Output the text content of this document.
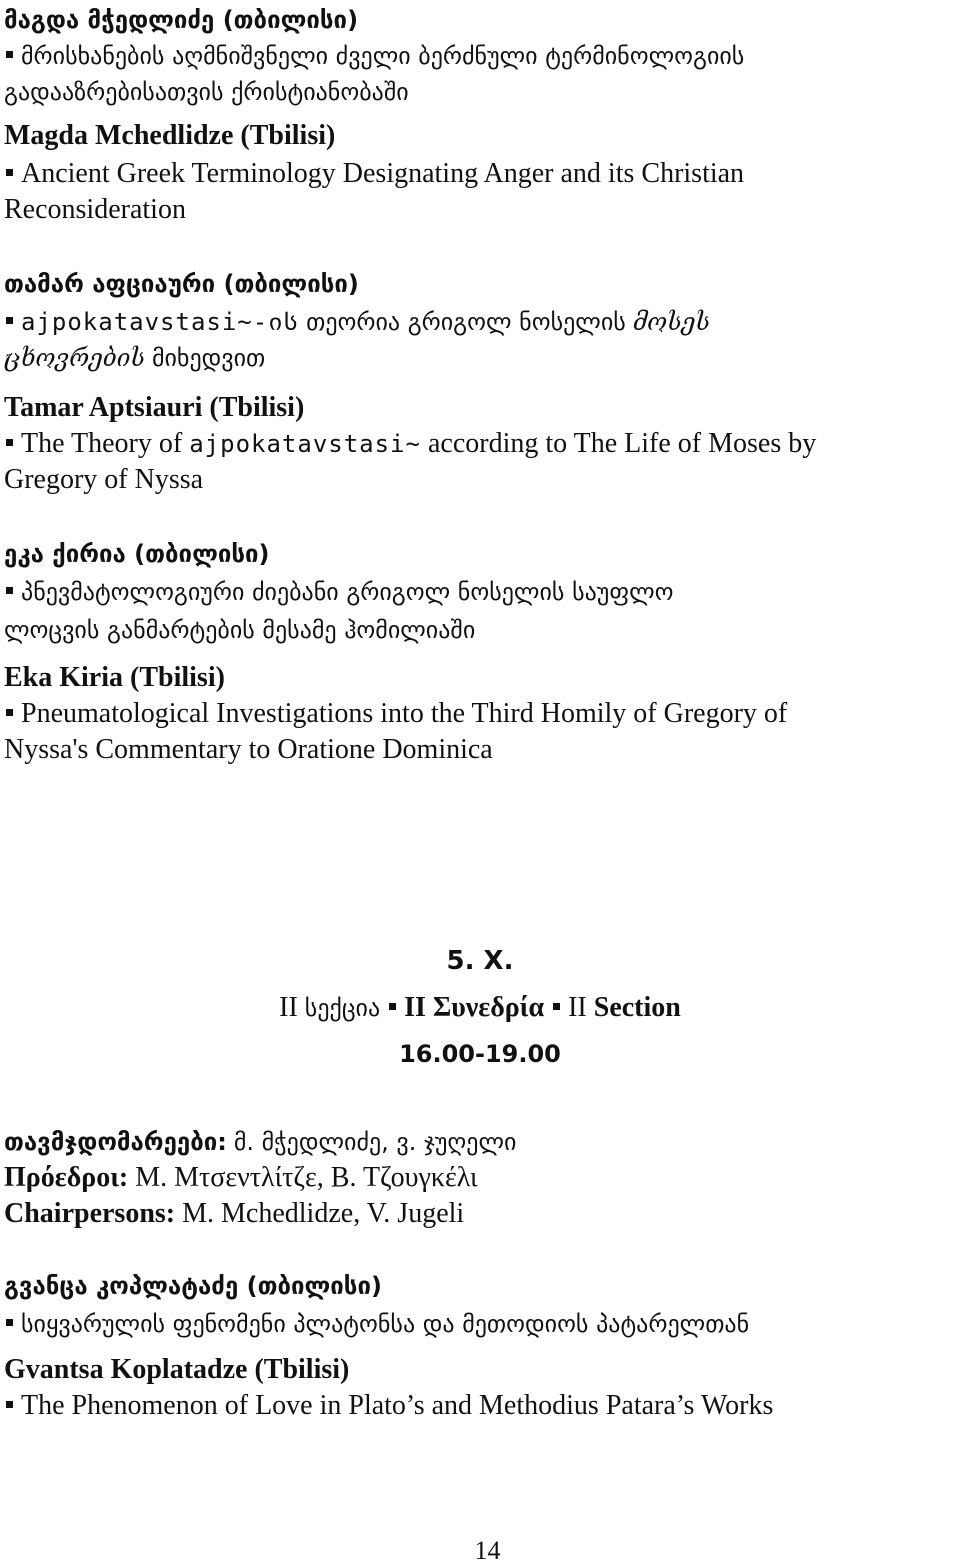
მაგდა მჭედლიძე (თბილისი)
მრისხანების აღმნიშვნელი ძველი ბერძნული ტერმინოლოგიის
გადააზრებისათვის ქრისტიანობაში
Magda Mchedlidze (Tbilisi)
Ancient Greek Terminology Designating Anger and its Christian
Reconsideration
თამარ აფციაური (თბილისი)
ajpokatavstasi~-ის თეორია გრიგოლ ნოსელის მოსეს
ცხოვრების მიხედვით
Tamar Aptsiauri (Tbilisi)
The Theory of ajpokatavstasi~ according to The Life of Moses by
Gregory of Nyssa
ეკა ქირია (თბილისი)
პნევმატოლოგიური ძიებანი გრიგოლ ნოსელის საუფლო
ლოცვის განმარტების მესამე ჰომილიაში
Eka Kiria (Tbilisi)
Pneumatological Investigations into the Third Homily of Gregory of
Nyssa's Commentary to Oratione Dominica
5. X.
II სექცია II Συνεδρία II Section
16.00-19.00
თავმჯდომარეები: მ. მჭედლიძე, ვ. ჯუღელი
Πρόεδροι: Μ. Μτσεντλίτζε, Β. Τζουγκέλι
Chairpersons: M. Mchedlidze, V. Jugeli
გვანცა კოპლატაძე (თბილისი)
სიყვარულის ფენომენი პლატონსა და მეთოდიოს პატარელთან
Gvantsa Koplatadze (Tbilisi)
The Phenomenon of Love in Plato’s and Methodius Patara’s Works
14
